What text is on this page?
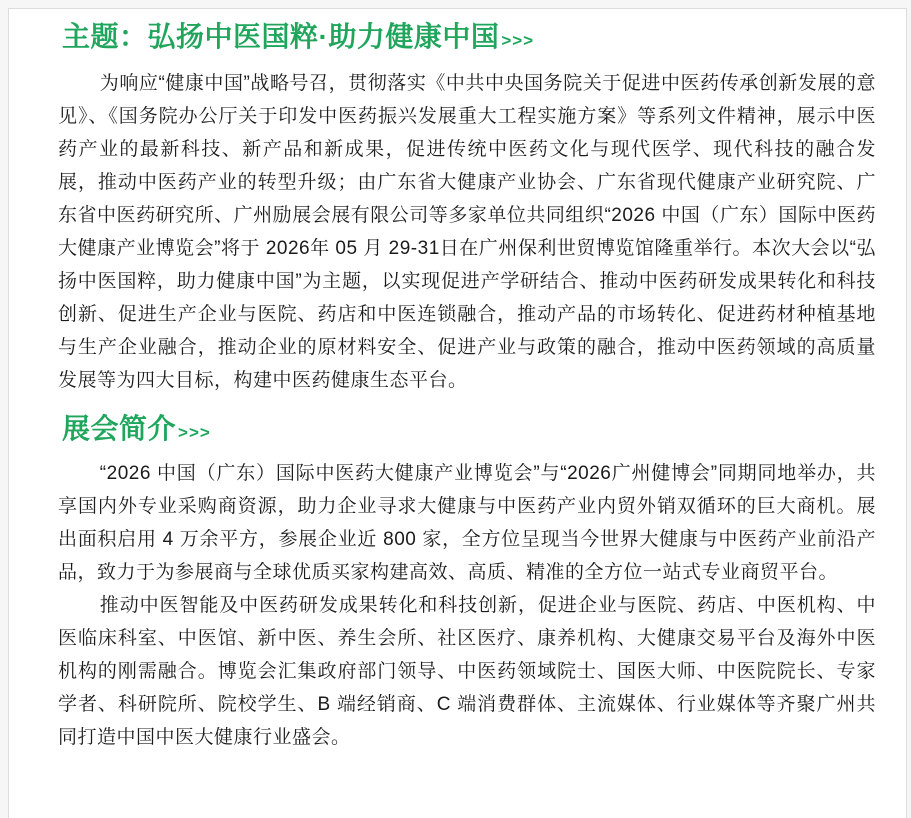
主题：弘扬中医国粹·助力健康中国 >>>

为响应“健康中国”战略号召，贯彻落实《中共中央国务院关于促进中医药传承创新发展的意见》、《国务院办公厅关于印发中医药振兴发展重大工程实施方案》等系列文件精神，展示中医药产业的最新科技、新产品和新成果，促进传统中医药文化与现代医学、现代科技的融合发展，推动中医药产业的转型升级；由广东省大健康产业协会、广东省现代健康产业研究院、广东省中医药研究所、广州励展会展有限公司等多家单位共同组织“2026 中国（广东）国际中医药大健康产业博览会”将于 2026年 05 月 29-31日在广州保利世贸博览馆隆重举行。本次大会以“弘扬中医国粹，助力健康中国”为主题，以实现促进产学研结合、推动中医药研发成果转化和科技创新、促进生产企业与医院、药店和中医连锁融合，推动产品的市场转化、促进药材种植基地与生产企业融合，推动企业的原材料安全、促进产业与政策的融合，推动中医药领域的高质量发展等为四大目标，构建中医药健康生态平台。

展会简介 >>>

“2026 中国（广东）国际中医药大健康产业博览会”与“2026广州健博会”同期同地举办，共享国内外专业采购商资源，助力企业寻求大健康与中医药产业内贸外销双循环的巨大商机。展出面积启用 4 万余平方，参展企业近 800 家，全方位呈现当今世界大健康与中医药产业前沿产品，致力于为参展商与全球优质买家构建高效、高质、精准的全方位一站式专业商贸平台。

推动中医智能及中医药研发成果转化和科技创新，促进企业与医院、药店、中医机构、中医临床科室、中医馆、新中医、养生会所、社区医疗、康养机构、大健康交易平台及海外中医机构的刚需融合。博览会汇集政府部门领导、中医药领域院士、国医大师、中医院院长、专家学者、科研院所、院校学生、B 端经销商、C 端消费群体、主流媒体、行业媒体等齐聚广州共同打造中国中医大健康行业盛会。
